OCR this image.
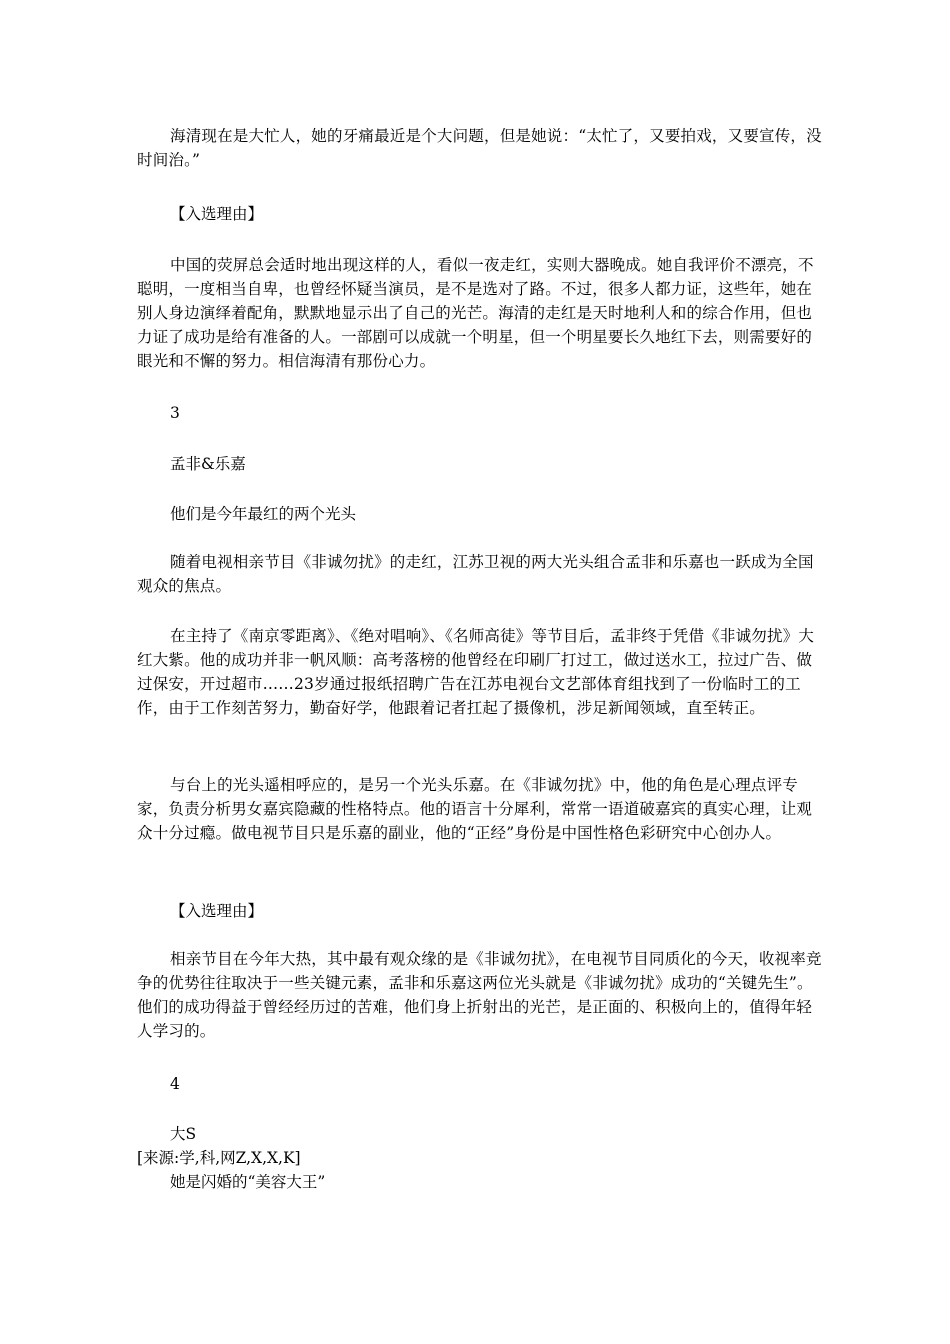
海清现在是大忙人，她的牙痛最近是个大问题，但是她说：“太忙了，又要拍戏，又要宣传，没时间治。”

【入选理由】

中国的荧屏总会适时地出现这样的人，看似一夜走红，实则大器晚成。她自我评价不漂亮，不聪明，一度相当自卑，也曾经怀疑当演员，是不是选对了路。不过，很多人都力证，这些年，她在别人身边演绎着配角，默默地显示出了自己的光芒。海清的走红是天时地利人和的综合作用，但也力证了成功是给有准备的人。一部剧可以成就一个明星，但一个明星要长久地红下去，则需要好的眼光和不懈的努力。相信海清有那份心力。

3

孟非&乐嘉

他们是今年最红的两个光头

随着电视相亲节目《非诚勿扰》的走红，江苏卫视的两大光头组合孟非和乐嘉也一跃成为全国观众的焦点。

在主持了《南京零距离》、《绝对唱响》、《名师高徒》等节目后，孟非终于凭借《非诚勿扰》大红大紫。他的成功并非一帆风顺：高考落榜的他曾经在印刷厂打过工，做过送水工，拉过广告、做过保安，开过超市……23岁通过报纸招聘广告在江苏电视台文艺部体育组找到了一份临时工的工作，由于工作刻苦努力，勤奋好学，他跟着记者扛起了摄像机，涉足新闻领域，直至转正。

与台上的光头遥相呼应的，是另一个光头乐嘉。在《非诚勿扰》中，他的角色是心理点评专家，负责分析男女嘉宾隐藏的性格特点。他的语言十分犀利，常常一语道破嘉宾的真实心理，让观众十分过瘾。做电视节目只是乐嘉的副业，他的“正经”身份是中国性格色彩研究中心创办人。

【入选理由】

相亲节目在今年大热，其中最有观众缘的是《非诚勿扰》，在电视节目同质化的今天，收视率竞争的优势往往取决于一些关键元素，孟非和乐嘉这两位光头就是《非诚勿扰》成功的“关键先生”。他们的成功得益于曾经经历过的苦难，他们身上折射出的光芒，是正面的、积极向上的，值得年轻人学习的。

4

大S

[来源:学,科,网Z,X,X,K]

她是闪婚的“美容大王”
